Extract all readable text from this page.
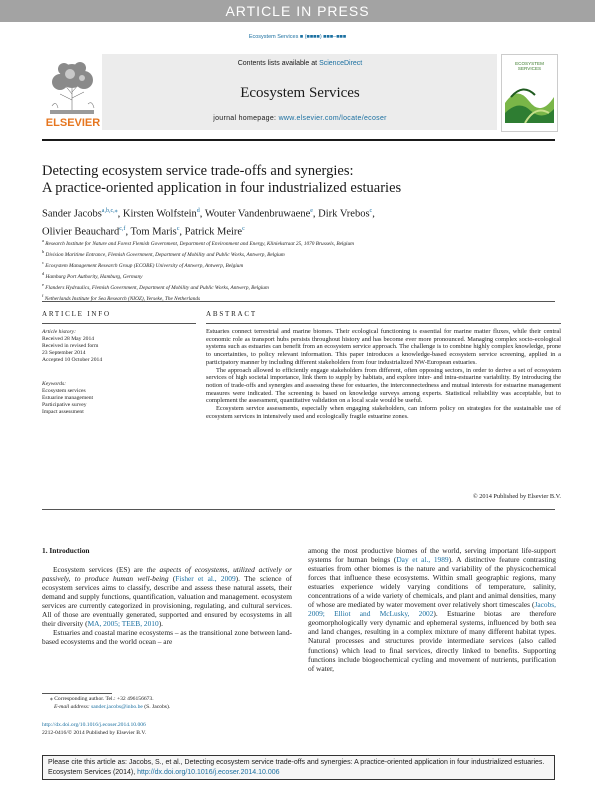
ARTICLE IN PRESS
Ecosystem Services ■ (■■■■) ■■■–■■■
ELSEVIER
Contents lists available at ScienceDirect
Ecosystem Services
journal homepage: www.elsevier.com/locate/ecoser
ECOSYSTEM
SERVICES
Detecting ecosystem service trade-offs and synergies:
A practice-oriented application in four industrialized estuaries
Sander Jacobs$^{a,b,c,⁎}$, Kirsten Wolfstein$^d$, Wouter Vandenbruwaene$^e$, Dirk Vrebos$^c$,
Olivier Beauchard$^{c,f}$, Tom Maris$^c$, Patrick Meire$^c$
$^a$ Research Institute for Nature and Forest Flemish Government, Department of Environment and Energy, Kliniekstraat 25, 1070 Brussels, Belgium
$^b$ Division Maritime Entrance, Flemish Government, Department of Mobility and Public Works, Antwerp, Belgium
$^c$ Ecosystem Management Research Group (ECOBE) University of Antwerp, Antwerp, Belgium
$^d$ Hamburg Port Authority, Hamburg, Germany
$^e$ Flanders Hydraulics, Flemish Government, Department of Mobility and Public Works, Antwerp, Belgium
$^f$ Netherlands Institute for Sea Research (NIOZ), Yerseke, The Netherlands
ARTICLE INFO
Article history:
Received 28 May 2014
Received in revised form
23 September 2014
Accepted 10 October 2014
Keywords:
Ecosystem services
Estuarine management
Participative survey
Impact assessment
ABSTRACT

Estuaries connect terrestrial and marine biomes. Their ecological functioning is essential for marine matter fluxes, while their central economic role as transport hubs persists throughout history and has become ever more pronounced. Managing complex socio-ecological systems such as estuaries can benefit from an ecosystem service approach. The challenge is to combine highly complex knowledge, prone to uncertainties, to policy relevant information. This paper introduces a knowledge-based ecosystem service screening, applied in a participatory manner by including different stakeholders from four industrialized NW-European estuaries.

The approach allowed to efficiently engage stakeholders from different, often opposing sectors, in order to derive a set of ecosystem services of high societal importance, link them to supply by habitats, and explore inter- and intra-estuarine variability. By introducing the notion of trade-offs and synergies and assessing these for estuaries, the interconnectedness and mutual interests for estuarine management measures were indicated. The screening is based on knowledge surveys among experts. Statistical reliability was acceptable, but to complement the assessment, quantitative validation on a local scale would be useful.

Ecosystem service assessments, especially when engaging stakeholders, can inform policy on strategies for the sustainable use of ecosystem services in intensively used and ecologically fragile estuarine zones.

© 2014 Published by Elsevier B.V.
1. Introduction

Ecosystem services (ES) are the aspects of ecosystems, utilized actively or passively, to produce human well-being (Fisher et al., 2009). The science of ecosystem services aims to classify, describe and assess these natural assets, their demand and supply functions, quantification, valuation and management. ecosystem services are currently categorized in provisioning, regulating, and cultural services. All of those are eventually generated, supported and ensured by ecosystems in all their diversity (MA, 2005; TEEB, 2010).

Estuaries and coastal marine ecosystems – as the transitional zone between land-based ecosystems and the world ocean – are

among the most productive biomes of the world, serving important life-support systems for human beings (Day et al., 1989). A distinctive feature contrasting estuaries from other biomes is the nature and variability of the physicochemical forces that influence these ecosystems. Within small geographic regions, many estuaries experience widely varying conditions of temperature, salinity, concentrations of a wide variety of chemicals, and plant and animal densities, many of whose are mediated by water movement over relatively short timescales (Jacobs, 2009; Elliot and McLusky, 2002). Estuarine biotas are therefore geomorphologically very dynamic and ephemeral systems, influenced by both sea and land changes, resulting in a complex mixture of many different habitat types. Natural processes and structures provide intermediate services (also called functions) which lead to final services, directly linked to benefits. Supporting functions include biogeochemical cycling and movement of nutrients, purification of water,

⁎ Corresponding author. Tel.: +32 496156673.
E-mail address: sander.jacobs@inbo.be (S. Jacobs).
http://dx.doi.org/10.1016/j.ecoser.2014.10.006
2212-0416/© 2014 Published by Elsevier B.V.
Please cite this article as: Jacobs, S., et al., Detecting ecosystem service trade-offs and synergies: A practice-oriented application in four industrialized estuaries. Ecosystem Services (2014), http://dx.doi.org/10.1016/j.ecoser.2014.10.006
